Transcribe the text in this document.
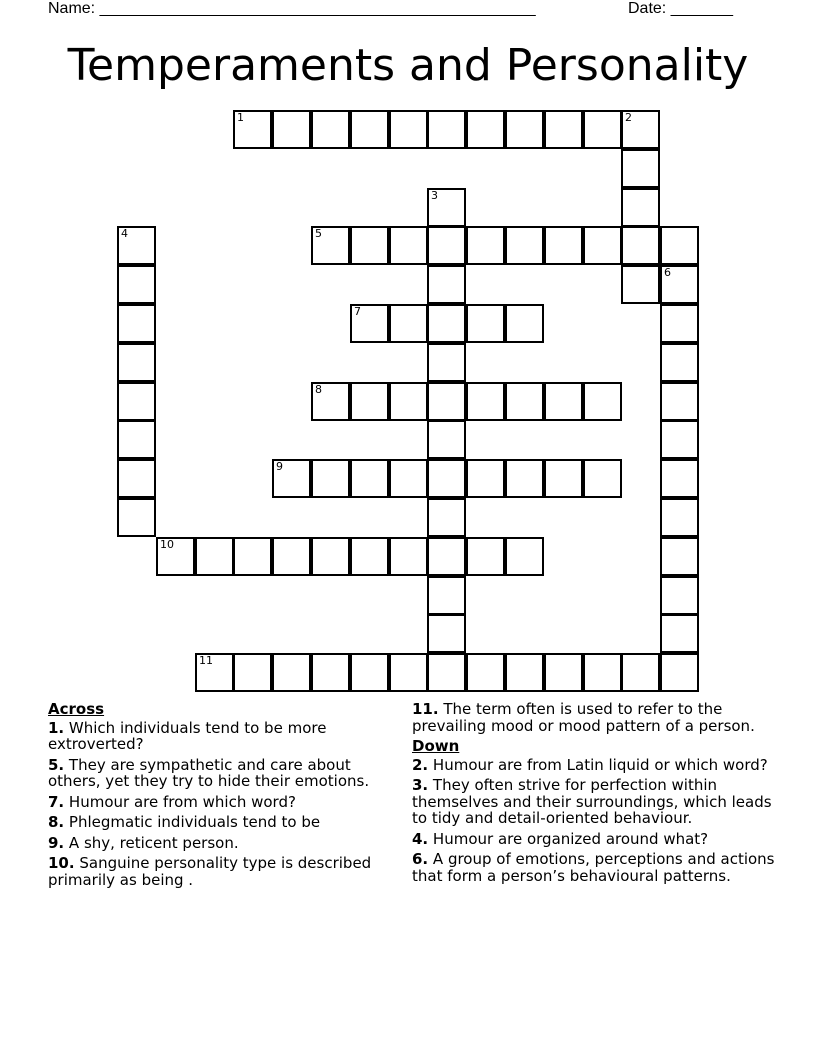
Name: _________________________________________________	Date: _______
Temperaments and Personality
1	2
3
4	5
6
7
8
9
10
11
Across
1. Which individuals tend to be more extroverted?
5. They are sympathetic and care about others, yet they try to hide their emotions.
7. Humour are from which word?
8. Phlegmatic individuals tend to be
9. A shy, reticent person.
10. Sanguine personality type is described primarily as being .
11. The term often is used to refer to the prevailing mood or mood pattern of a person.
Down
2. Humour are from Latin liquid or which word?
3. They often strive for perfection within themselves and their surroundings, which leads to tidy and detail-oriented behaviour.
4. Humour are organized around what?
6. A group of emotions, perceptions and actions that form a person’s behavioural patterns.
